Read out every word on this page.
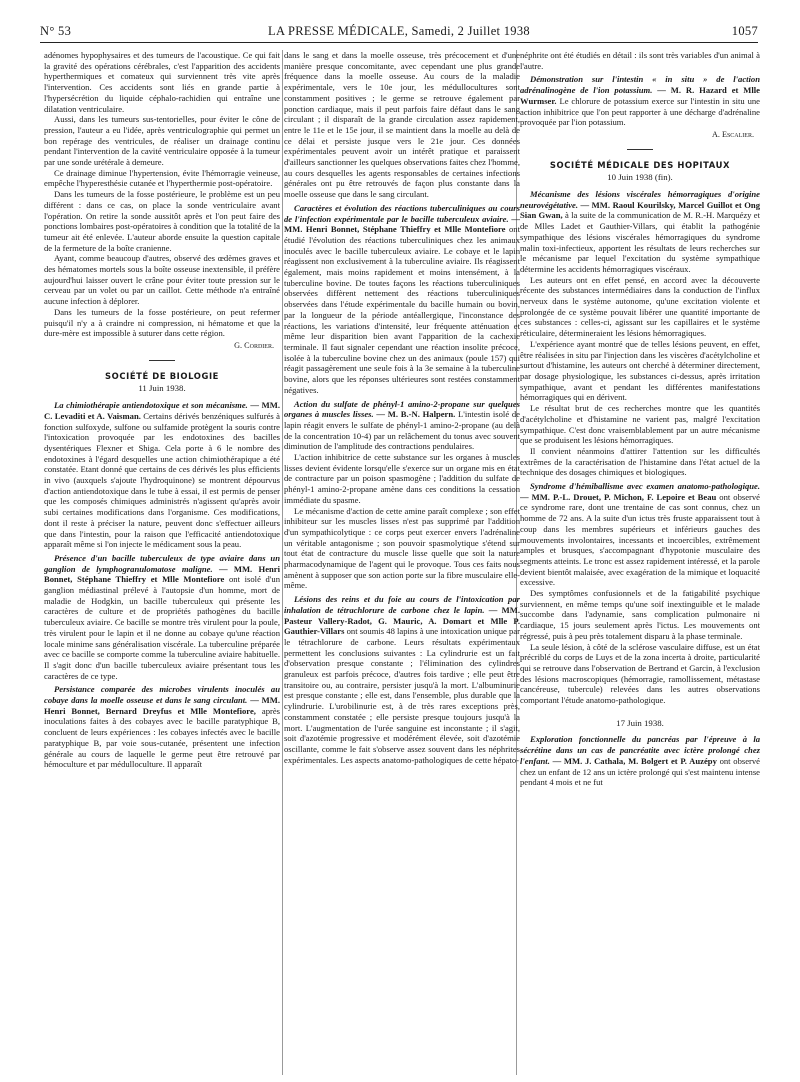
N° 53	LA PRESSE MÉDICALE, Samedi, 2 Juillet 1938	1057

adénomes hypophysaires et des tumeurs de l'acoustique. Ce qui fait la gravité des opérations cérébrales, c'est l'apparition des accidents hyperthermiques et comateux qui surviennent très vite après l'intervention. Ces accidents sont liés en grande partie à l'hypersécrétion du liquide céphalo-rachidien qui entraîne une dilatation ventriculaire.

Aussi, dans les tumeurs sus-tentorielles, pour éviter le cône de pression, l'auteur a eu l'idée, après ventriculographie qui permet un bon repérage des ventricules, de réaliser un drainage continu pendant l'intervention de la cavité ventriculaire opposée à la tumeur par une sonde urétérale à demeure.

Ce drainage diminue l'hypertension, évite l'hémorragie veineuse, empêche l'hyperesthésie cutanée et l'hyperthermie post-opératoire.

Dans les tumeurs de la fosse postérieure, le problème est un peu différent : dans ce cas, on place la sonde ventriculaire avant l'opération. On retire la sonde aussitôt après et l'on peut faire des ponctions lombaires post-opératoires à condition que la totalité de la tumeur ait été enlevée. L'auteur aborde ensuite la question capitale de la fermeture de la boîte cranienne.

Ayant, comme beaucoup d'autres, observé des œdèmes graves et des hématomes mortels sous la boîte osseuse inextensible, il préfère aujourd'hui laisser ouvert le crâne pour éviter toute pression sur le cerveau par un volet ou par un caillot. Cette méthode n'a entraîné aucune infection à déplorer.

Dans les tumeurs de la fosse postérieure, on peut refermer puisqu'il n'y a à craindre ni compression, ni hématome et que la dure-mère est impossible à suturer dans cette région.

G. Cordier.
SOCIÉTÉ DE BIOLOGIE
11 Juin 1938.

La chimiothérapie antiendotoxique et son mécanisme. — MM. C. Levaditi et A. Vaisman. Certains dérivés benzéniques sulfurés à fonction sulfoxyde, sulfone ou sulfamide protègent la souris contre l'intoxication provoquée par les endotoxines des bacilles dysentériques Flexner et Shiga. Cela porte à 6 le nombre des endotoxines à l'égard desquelles une action chimiothérapique a été constatée. Etant donné que certains de ces dérivés les plus efficients in vivo (auxquels s'ajoute l'hydroquinone) se montrent dépourvus d'action antiendotoxique dans le tube à essai, il est permis de penser que les composés chimiques administrés n'agissent qu'après avoir subi certaines modifications dans l'organisme. Ces modifications, dont il reste à préciser la nature, peuvent donc s'effectuer ailleurs que dans l'intestin, pour la raison que l'efficacité antiendotoxique apparaît même si l'on injecte le médicament sous la peau.

Présence d'un bacille tuberculeux de type aviaire dans un ganglion de lymphogranulomatose maligne. — MM. Henri Bonnet, Stéphane Thieffry et Mlle Montefiore ont isolé d'un ganglion médiastinal prélevé à l'autopsie d'un homme, mort de maladie de Hodgkin, un bacille tuberculeux qui présente les caractères de culture et de propriétés pathogènes du bacille tuberculeux aviaire. Ce bacille se montre très virulent pour la poule, très virulent pour le lapin et il ne donne au cobaye qu'une réaction locale minime sans généralisation viscérale. La tuberculine préparée avec ce bacille se comporte comme la tuberculine aviaire habituelle. Il s'agit donc d'un bacille tuberculeux aviaire présentant tous les caractères de ce type.

Persistance comparée des microbes virulents inoculés au cobaye dans la moelle osseuse et dans le sang circulant. — MM. Henri Bonnet, Bernard Dreyfus et Mlle Montefiore, après inoculations faites à des cobayes avec le bacille paratyphique B, concluent de leurs expériences : les cobayes infectés avec le bacille paratyphique B, par voie sous-cutanée, présentent une infection générale au cours de laquelle le germe peut être retrouvé par hémoculture et par médulloculture. Il apparaît

dans le sang et dans la moelle osseuse, très précocement et d'une manière presque concomitante, avec cependant une plus grande fréquence dans la moelle osseuse. Au cours de la maladie expérimentale, vers le 10e jour, les médullocultures sont constamment positives ; le germe se retrouve également par ponction cardiaque, mais il peut parfois faire défaut dans le sang circulant ; il disparaît de la grande circulation assez rapidement, entre le 11e et le 15e jour, il se maintient dans la moelle au delà de ce délai et persiste jusque vers le 21e jour. Ces données expérimentales peuvent avoir un intérêt pratique et paraissent d'ailleurs sanctionner les quelques observations faites chez l'homme, au cours desquelles les agents responsables de certaines infections générales ont pu être retrouvés de façon plus constante dans la moelle osseuse que dans le sang circulant.

Caractères et évolution des réactions tuberculiniques au cours de l'infection expérimentale par le bacille tuberculeux aviaire. — MM. Henri Bonnet, Stéphane Thieffry et Mlle Montefiore ont étudié l'évolution des réactions tuberculiniques chez les animaux inoculés avec le bacille tuberculeux aviaire. Le cobaye et le lapin réagissent non exclusivement à la tuberculine aviaire. Ils réagissent également, mais moins rapidement et moins intensément, à la tuberculine bovine. De toutes façons les réactions tuberculiniques observées diffèrent nettement des réactions tuberculiniques observées dans l'étude expérimentale du bacille humain ou bovin, par la longueur de la période antéallergique, l'inconstance des réactions, les variations d'intensité, leur fréquente atténuation et même leur disparition bien avant l'apparition de la cachexie terminale. Il faut signaler cependant une réaction insolite précoce, isolée à la tuberculine bovine chez un des animaux (poule 157) qui réagit passagèrement une seule fois à la 3e semaine à la tuberculine bovine, alors que les réponses ultérieures sont restées constamment négatives.

Action du sulfate de phényl-1 amino-2-propane sur quelques organes à muscles lisses. — M. B.-N. Halpern. L'intestin isolé de lapin réagit envers le sulfate de phényl-1 amino-2-propane (au delà de la concentration 10-4) par un relâchement du tonus avec souvent diminution de l'amplitude des contractions pendulaires.

L'action inhibitrice de cette substance sur les organes à muscles lisses devient évidente lorsqu'elle s'exerce sur un organe mis en état de contracture par un poison spasmogène ; l'addition du sulfate de phényl-1 amino-2-propane amène dans ces conditions la cessation immédiate du spasme.

Le mécanisme d'action de cette amine paraît complexe ; son effet inhibiteur sur les muscles lisses n'est pas supprimé par l'addition d'un sympathicolytique : ce corps peut exercer envers l'adrénaline un véritable antagonisme ; son pouvoir spasmolytique s'étend sur tout état de contracture du muscle lisse quelle que soit la nature pharmacodynamique de l'agent qui le provoque. Tous ces faits nous amènent à supposer que son action porte sur la fibre musculaire elle-même.

Lésions des reins et du foie au cours de l'intoxication par inhalation de tétrachlorure de carbone chez le lapin. — MM. Pasteur Vallery-Radot, G. Mauric, A. Domart et Mlle P. Gauthier-Villars ont soumis 48 lapins à une intoxication unique par le tétrachlorure de carbone. Leurs résultats expérimentaux permettent les conclusions suivantes : La cylindrurie est un fait d'observation presque constante ; l'élimination des cylindres granuleux est parfois précoce, d'autres fois tardive ; elle peut être transitoire ou, au contraire, persister jusqu'à la mort. L'albuminurie est presque constante ; elle est, dans l'ensemble, plus durable que la cylindrurie. L'urobilinurie est, à de très rares exceptions près, constamment constatée ; elle persiste presque toujours jusqu'à la mort. L'augmentation de l'urée sanguine est inconstante ; il s'agit, soit d'azotémie progressive et modérément élevée, soit d'azotémie oscillante, comme le fait s'observe assez souvent dans les néphrites expérimentales. Les aspects anatomo-pathologiques de cette hépato-

néphrite ont été étudiés en détail : ils sont très variables d'un animal à l'autre.

Démonstration sur l'intestin « in situ » de l'action adrénalinogène de l'ion potassium. — M. R. Hazard et Mlle Wurmser. Le chlorure de potassium exerce sur l'intestin in situ une action inhibitrice que l'on peut rapporter à une décharge d'adrénaline provoquée par l'ion potassium.

A. Escalier.
SOCIÉTÉ MÉDICALE DES HOPITAUX
10 Juin 1938 (fin).

Mécanisme des lésions viscérales hémorragiques d'origine neurovégétative. — MM. Raoul Kourilsky, Marcel Guillot et Ong Sian Gwan, à la suite de la communication de M. R.-H. Marquézy et de Mlles Ladet et Gauthier-Villars, qui établit la pathogénie sympathique des lésions viscérales hémorragiques du syndrome malin toxi-infectieux, apportent les résultats de leurs recherches sur le mécanisme par lequel l'excitation du système sympathique détermine les accidents hémorragiques viscéraux.

Les auteurs ont en effet pensé, en accord avec la découverte récente des substances intermédiaires dans la conduction de l'influx nerveux dans le système autonome, qu'une excitation violente et prolongée de ce système pouvait libérer une quantité importante de ces substances : celles-ci, agissant sur les capillaires et le système réticulaire, détermineraient les lésions hémorragiques.

L'expérience ayant montré que de telles lésions peuvent, en effet, être réalisées in situ par l'injection dans les viscères d'acétylcholine et surtout d'histamine, les auteurs ont cherché à déterminer directement, par dosage physiologique, les substances ci-dessus, après irritation sympathique, avant et pendant les différentes manifestations hémorragiques qui en dérivent.

Le résultat brut de ces recherches montre que les quantités d'acétylcholine et d'histamine ne varient pas, malgré l'excitation sympathique. C'est donc vraisemblablement par un autre mécanisme que se produisent les lésions hémorragiques.

Il convient néanmoins d'attirer l'attention sur les difficultés extrêmes de la caractérisation de l'histamine dans l'état actuel de la technique des dosages chimiques et biologiques.

Syndrome d'hémiballisme avec examen anatomo-pathologique. — MM. P.-L. Drouet, P. Michon, F. Lepoire et Beau ont observé ce syndrome rare, dont une trentaine de cas sont connus, chez un homme de 72 ans. A la suite d'un ictus très fruste apparaissent tout à coup dans les membres supérieurs et inférieurs gauches des mouvements involontaires, incessants et incoercibles, extrêmement amples et brusques, s'accompagnant d'hypotonie musculaire des segments atteints. Le tronc est assez rapidement intéressé, et la parole devient bientôt malaisée, avec exagération de la mimique et loquacité excessive.

Des symptômes confusionnels et de la fatigabilité psychique surviennent, en même temps qu'une soif inextinguible et le malade succombe dans l'adynamie, sans complication pulmonaire ni cardiaque, 15 jours seulement après l'ictus. Les mouvements ont régressé, puis à peu près totalement disparu à la phase terminale.

La seule lésion, à côté de la sclérose vasculaire diffuse, est un état précriblé du corps de Luys et de la zona incerta à droite, particularité qui se retrouve dans l'observation de Bertrand et Garcin, à l'exclusion des lésions macroscopiques (hémorragie, ramollissement, métastase cancéreuse, tubercule) relevées dans les autres observations comportant l'étude anatomo-pathologique.

17 Juin 1938.

Exploration fonctionnelle du pancréas par l'épreuve à la sécrétine dans un cas de pancréatite avec ictère prolongé chez l'enfant. — MM. J. Cathala, M. Bolgert et P. Auzépy ont observé chez un enfant de 12 ans un ictère prolongé qui s'est maintenu intense pendant 4 mois et ne fut
